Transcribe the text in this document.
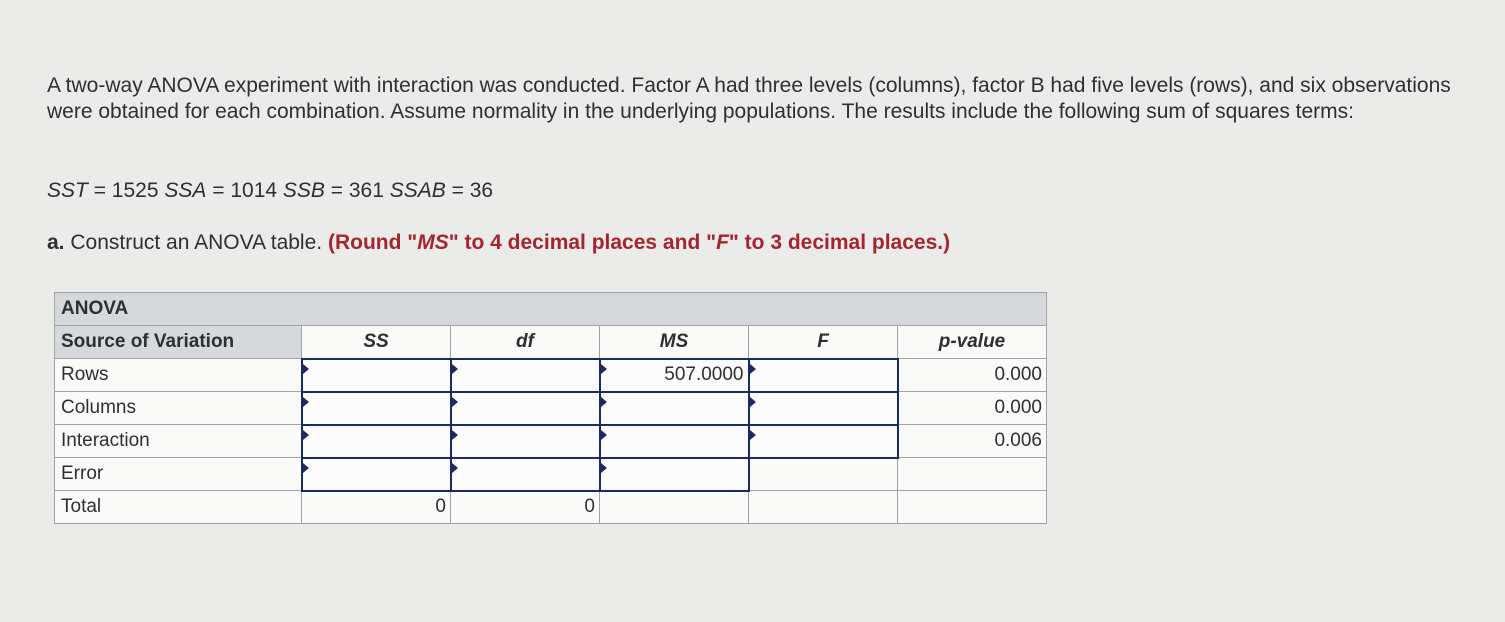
A two-way ANOVA experiment with interaction was conducted. Factor A had three levels (columns), factor B had five levels (rows), and six observations were obtained for each combination. Assume normality in the underlying populations. The results include the following sum of squares terms:
SST = 1525 SSA = 1014 SSB = 361 SSAB = 36
a. Construct an ANOVA table. (Round "MS" to 4 decimal places and "F" to 3 decimal places.)
ANOVA					
Source of Variation	SS	df	MS	F	p-value
Rows			507.0000		0.000
Columns					0.000
Interaction					0.006
Error	

Total	0	0			
